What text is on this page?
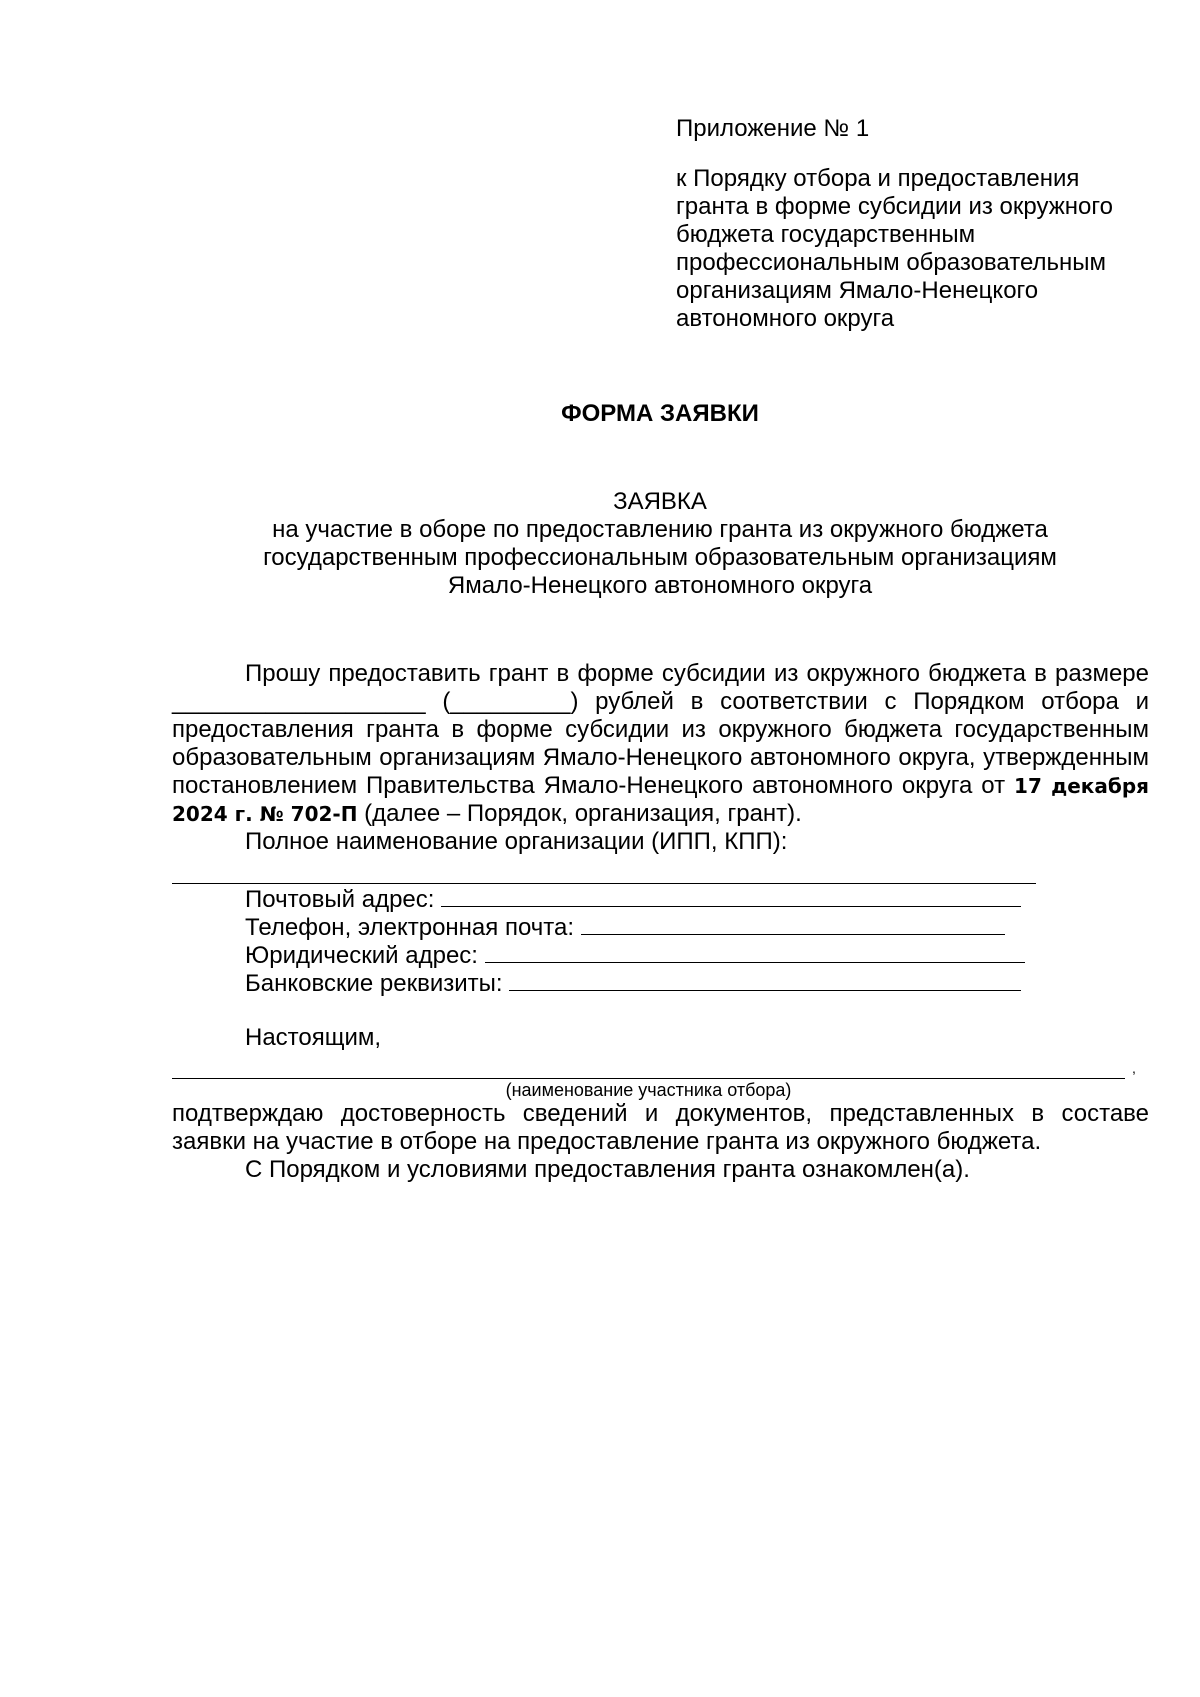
Приложение № 1

к Порядку отбора и предоставления
гранта в форме субсидии из окружного
бюджета государственным
профессиональным образовательным
организациям Ямало-Ненецкого
автономного округа
ФОРМА ЗАЯВКИ
ЗАЯВКА
на участие в оборе по предоставлению гранта из окружного бюджета
государственным профессиональным образовательным организациям
Ямало-Ненецкого автономного округа

Прошу предоставить грант в форме субсидии из окружного бюджета в размере ___________________ (_________) рублей в соответствии с Порядком отбора и предоставления гранта в форме субсидии из окружного бюджета государственным образовательным организациям Ямало-Ненецкого автономного округа, утвержденным постановлением Правительства Ямало-Ненецкого автономного округа от 17 декабря 2024 г. № 702-П (далее – Порядок, организация, грант).

Полное наименование организации (ИПП, КПП):

Почтовый адрес:
Телефон, электронная почта:
Юридический адрес:
Банковские реквизиты:

Настоящим,

,
(наименование участника отбора)

подтверждаю достоверность сведений и документов, представленных в составе заявки на участие в отборе на предоставление гранта из окружного бюджета.

С Порядком и условиями предоставления гранта ознакомлен(а).
